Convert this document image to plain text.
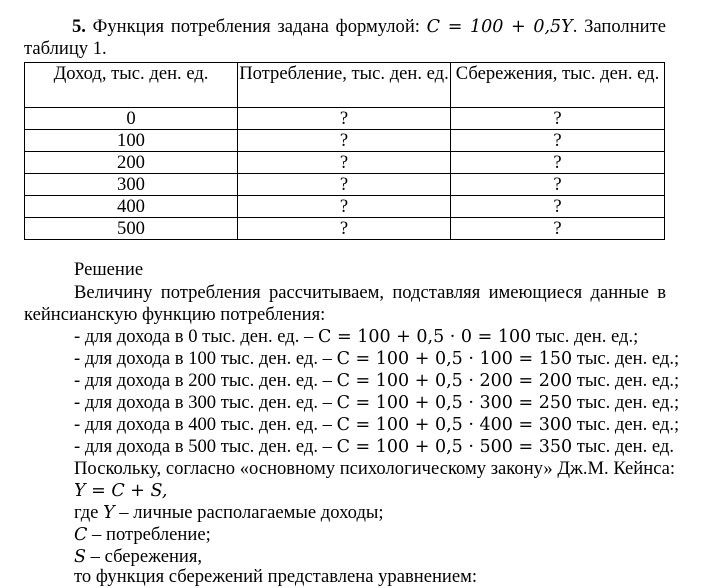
5. Функция потребления задана формулой: C = 100 + 0,5Y. Заполните таблицу 1.
Доход, тыс. ден. ед.	Потребление, тыс. ден. ед.	Сбережения, тыс. ден. ед.
0	?	?
100	?	?
200	?	?
300	?	?
400	?	?
500	?	?
Решение
Величину потребления рассчитываем, подставляя имеющиеся данные в
кейнсианскую функцию потребления:
- для дохода в 0 тыс. ден. ед. – C = 100 + 0,5 · 0 = 100 тыс. ден. ед.;
- для дохода в 100 тыс. ден. ед. – C = 100 + 0,5 · 100 = 150 тыс. ден. ед.;
- для дохода в 200 тыс. ден. ед. – C = 100 + 0,5 · 200 = 200 тыс. ден. ед.;
- для дохода в 300 тыс. ден. ед. – C = 100 + 0,5 · 300 = 250 тыс. ден. ед.;
- для дохода в 400 тыс. ден. ед. – C = 100 + 0,5 · 400 = 300 тыс. ден. ед.;
- для дохода в 500 тыс. ден. ед. – C = 100 + 0,5 · 500 = 350 тыс. ден. ед.
Поскольку, согласно «основному психологическому закону» Дж.М. Кейнса:
Y = C + S,
где Y – личные располагаемые доходы;
C – потребление;
S – сбережения,
то функция сбережений представлена уравнением:
